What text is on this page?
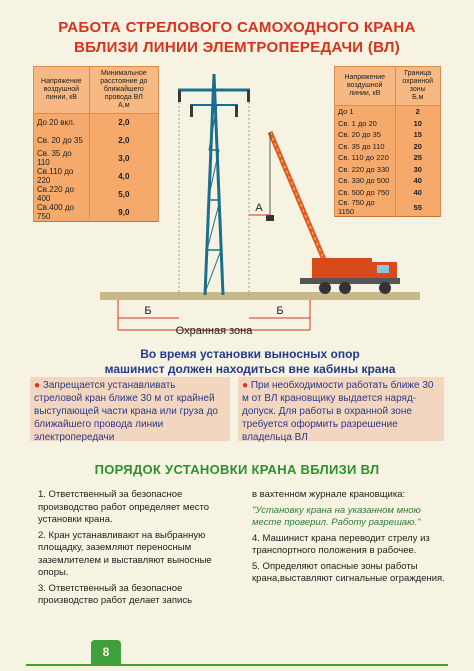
РАБОТА СТРЕЛОВОГО САМОХОДНОГО КРАНА
ВБЛИЗИ ЛИНИИ ЭЛЕМТРОПЕРЕДАЧИ (ВЛ)
Напряжение воздушной линии, кВ	Минимальное расстояние до ближайшего провода ВЛ
А,м
До 20 вкл.	2,0
Св. 20 до 35	2,0
Св. 35 до 110	3,0
Св.110 до 220	4,0
Св.220 до 400	5,0
Св.400 до 750	9,0
Напряжение воздушной линии, кВ	Граница охранной зоны
Б,м
До 1	2
Св. 1 до 20	10
Св. 20 до 35	15
Св. 35 до 110	20
Св. 110 до 220	25
Св. 220 до 330	30
Св. 330 до 500	40
Св. 500 до 750	40
Св. 750 до 1150	55
А
Б	Б
Охранная зона
Во время установки выносных опор
машинист должен находиться вне кабины крана
● Запрещается устанавливать стреловой кран ближе 30 м от крайней выступающей части крана или груза до ближайшего провода линии электропередачи
● При необходимости работать ближе 30 м от ВЛ крановщику выдается наряд-допуск. Для работы в охранной зоне требуется оформить разрешение владельца ВЛ
ПОРЯДОК УСТАНОВКИ КРАНА ВБЛИЗИ ВЛ

1. Ответственный за безопасное производство работ определяет место установки крана.

2. Кран устанавливают на выбранную площадку, заземляют переносным заземлителем и выставляют выносные опоры.

3. Ответственный за безопасное производство работ делает запись

в вахтенном журнале крановщика:

"Установку крана на указанном мною месте проверил. Работу разрешаю."

4. Машинист крана переводит стрелу из транспортного положения в рабочее.

5. Определяют опасные зоны работы крана,выставляют сигнальные ограждения.

8
